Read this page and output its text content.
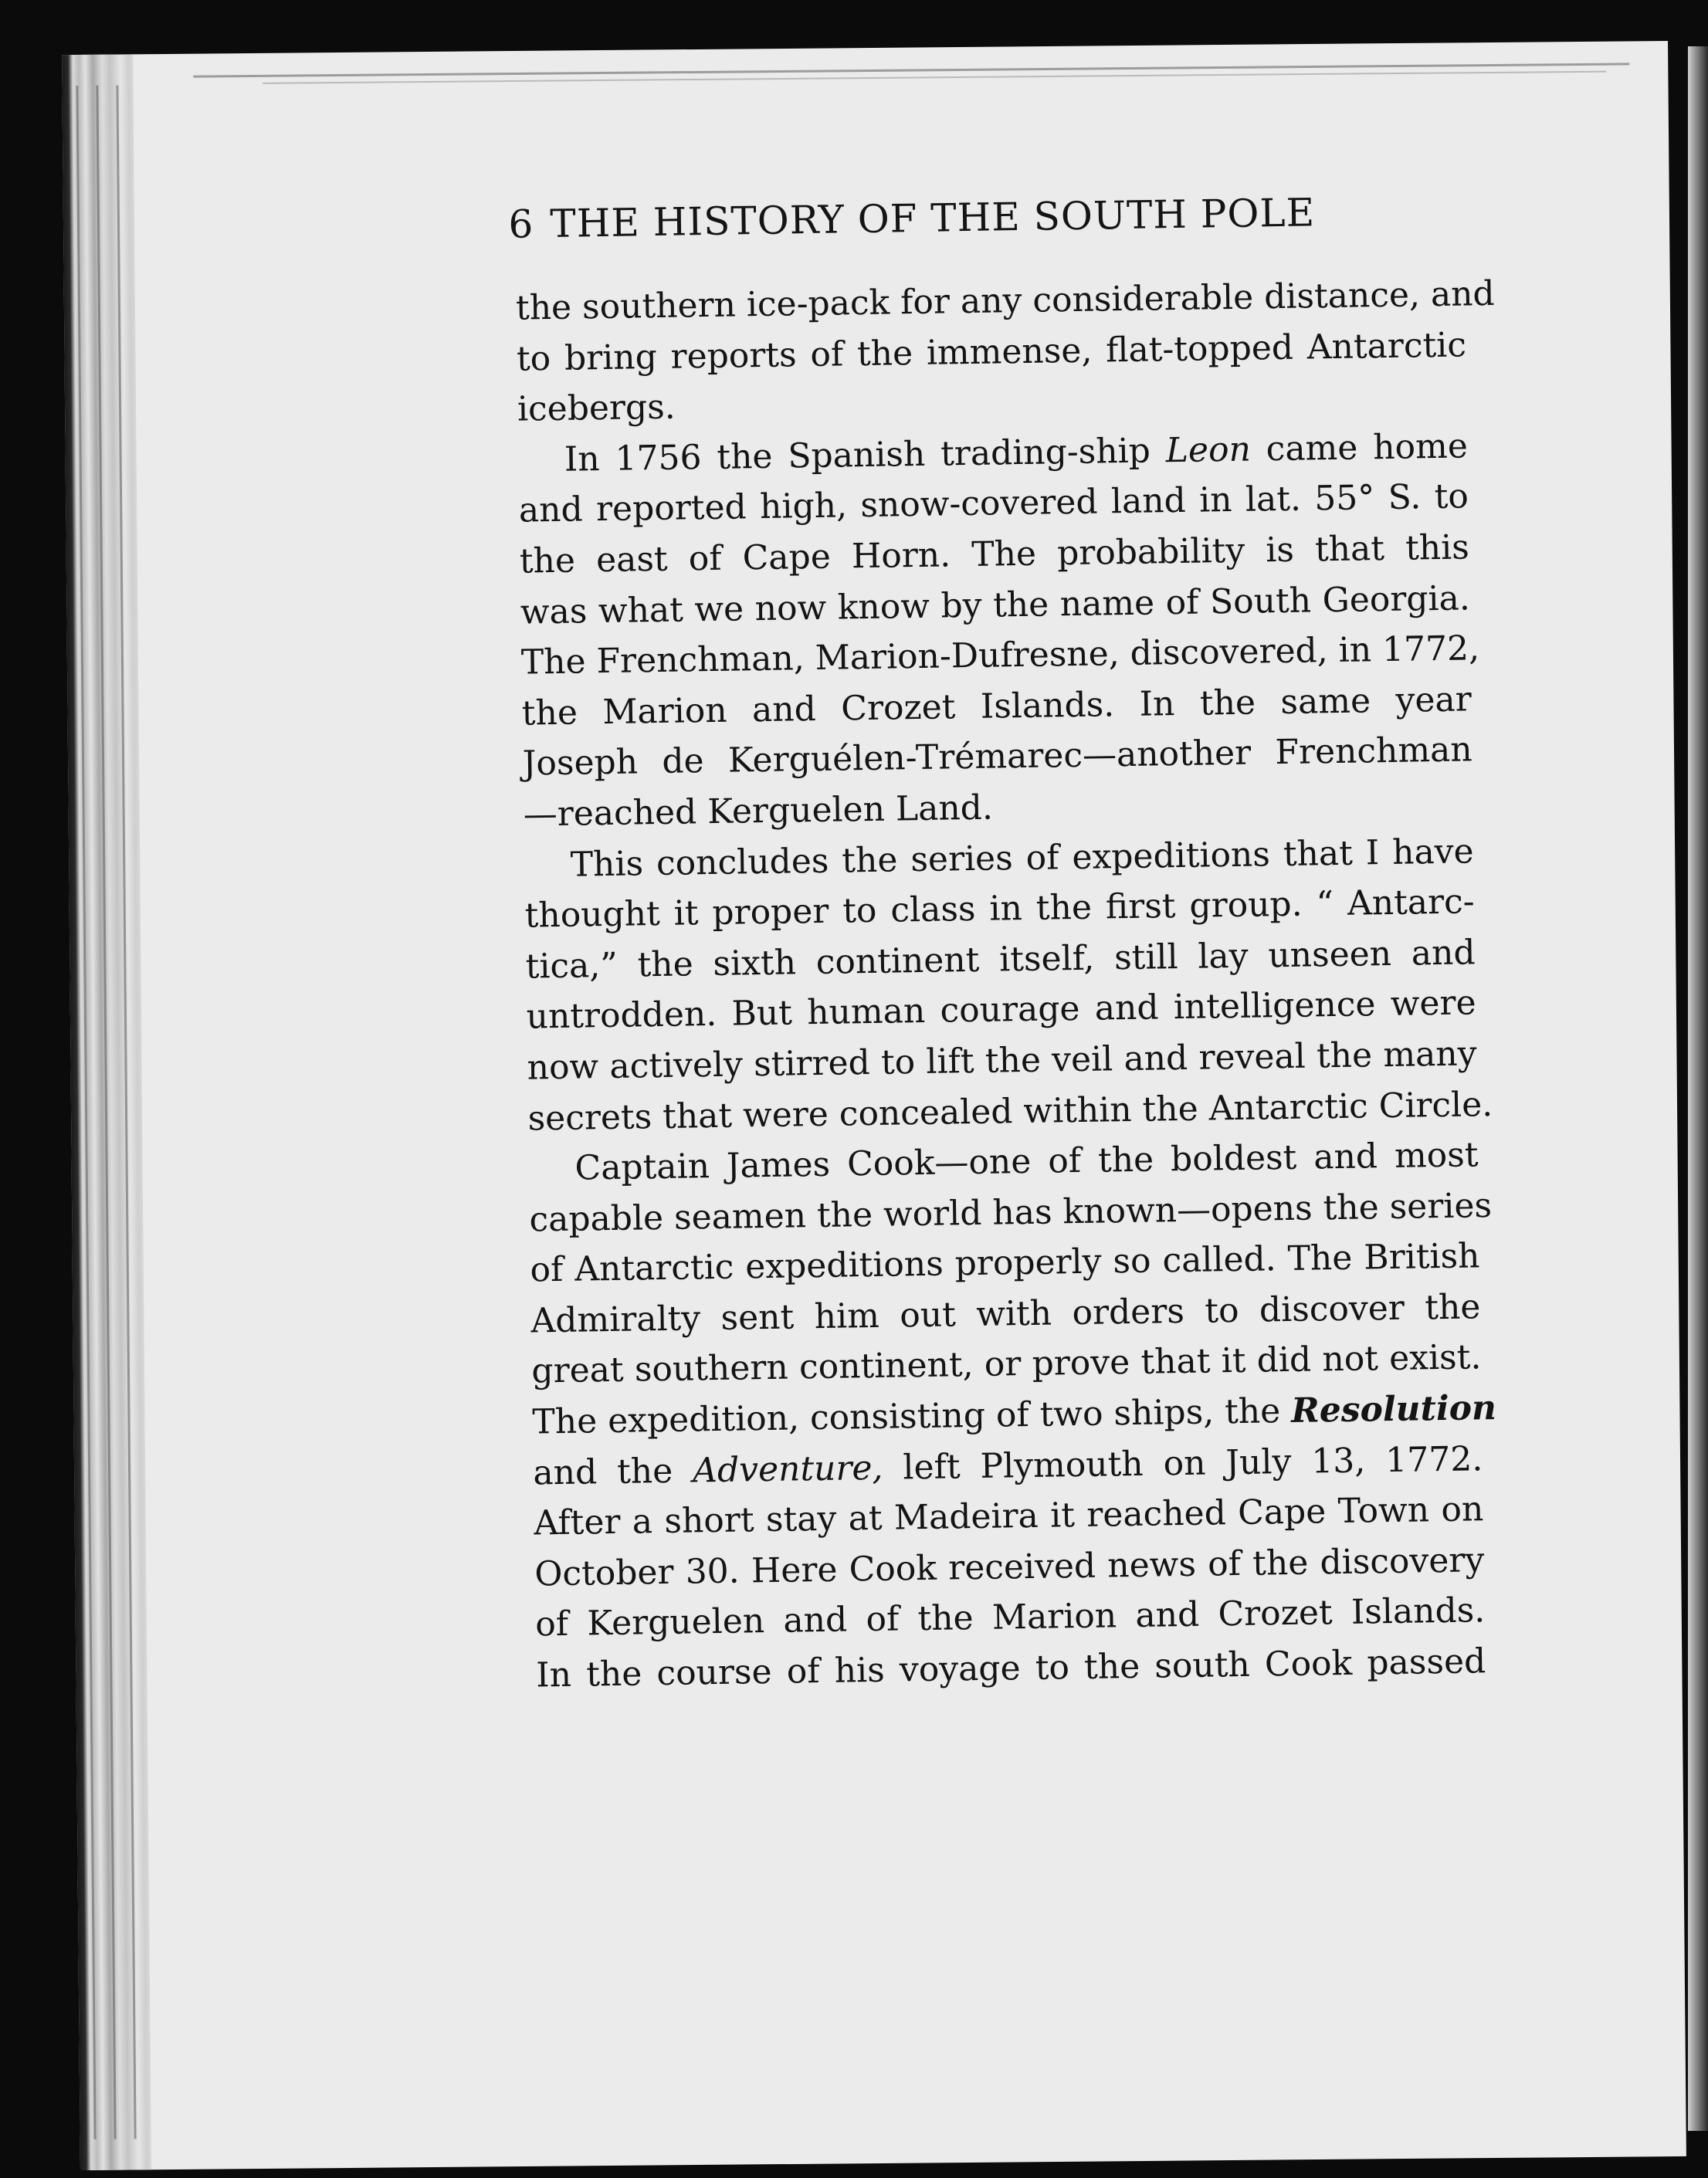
6 THE HISTORY OF THE SOUTH POLE
the southern ice-pack for any considerable distance, and
to bring reports of the immense, flat-topped Antarctic
icebergs.
In 1756 the Spanish trading-ship Leon came home
and reported high, snow-covered land in lat. 55° S. to
the east of Cape Horn. The probability is that this
was what we now know by the name of South Georgia.
The Frenchman, Marion-Dufresne, discovered, in 1772,
the Marion and Crozet Islands. In the same year
Joseph de Kerguélen-Trémarec—another Frenchman
—reached Kerguelen Land.
This concludes the series of expeditions that I have
thought it proper to class in the first group. “ Antarc-
tica,” the sixth continent itself, still lay unseen and
untrodden. But human courage and intelligence were
now actively stirred to lift the veil and reveal the many
secrets that were concealed within the Antarctic Circle.
Captain James Cook—one of the boldest and most
capable seamen the world has known—opens the series
of Antarctic expeditions properly so called. The British
Admiralty sent him out with orders to discover the
great southern continent, or prove that it did not exist.
The expedition, consisting of two ships, the Resolution
and the Adventure, left Plymouth on July 13, 1772.
After a short stay at Madeira it reached Cape Town on
October 30. Here Cook received news of the discovery
of Kerguelen and of the Marion and Crozet Islands.
In the course of his voyage to the south Cook passed
